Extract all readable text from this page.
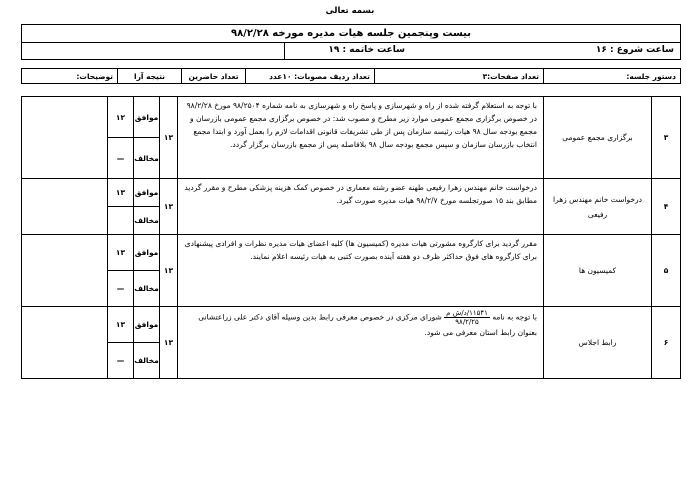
بسمه تعالی
بیست وپنجمین جلسه هیات مدیره مورخه ۹۸/۲/۲۸
ساعت شروع : ۱۶
ساعت خاتمه : ۱۹
دستور جلسه:	تعداد صفحات:۳	تعداد ردیف مصوبات: ۱۰عدد	تعداد حاضرین	نتیجه آرا	توضیحات:
۳	برگزاری مجمع عمومی	با توجه به استعلام گرفته شده از راه و شهرسازی و پاسخ راه و شهرسازی به نامه شماره ۹۸/۲۵۰۴ مورخ ۹۸/۲/۲۸ در خصوص برگزاری مجمع عمومی موارد زیر مطرح و مصوب شد: در خصوص برگزاری مجمع عمومی بازرسان و مجمع بودجه سال ۹۸ هیات رئیسه سازمان پس از طی تشریفات قانونی اقدامات لازم را بعمل آورد و ابتدا مجمع انتخاب بازرسان سازمان و سپس مجمع بودجه سال ۹۸ بلافاصله پس از مجمع بازرسان برگزار گردد.	۱۳	موافق	۱۲	
				مخالف	—	
۴	درخواست خانم مهندس زهرا رفیعی	درخواست خانم مهندس زهرا رفیعی طهنه عضو رشته معماری در خصوص کمک هزینه پزشکی مطرح و مقرر گردید مطابق بند ۱۵ صورتجلسه مورخ ۹۸/۲/۷ هیات مدیره صورت گیرد.	۱۳	موافق	۱۳	
				مخالف		
۵	کمیسیون ها	مقرر گردید برای کارگروه مشورتی هیات مدیره (کمیسیون ها) کلیه اعضای هیات مدیره نظرات و افرادی پیشنهادی برای کارگروه های فوق حداکثر ظرف دو هفته آینده بصورت کتبی به هیات رئیسه اعلام نمایند.	۱۳	موافق	۱۳	
				مخالف	—	
۶	رابط اجلاس	با توجه به نامه
$\frac{\text{۱۱۵۴۱/د/ش م}}{۹۸/۲/۲۵}$
شورای مرکزی در خصوص معرفی رابط بدین وسیله آقای دکتر علی زراعتشانی بعنوان رابط استان معرفی می شود.	۱۳	موافق	۱۳	
				مخالف	—	
